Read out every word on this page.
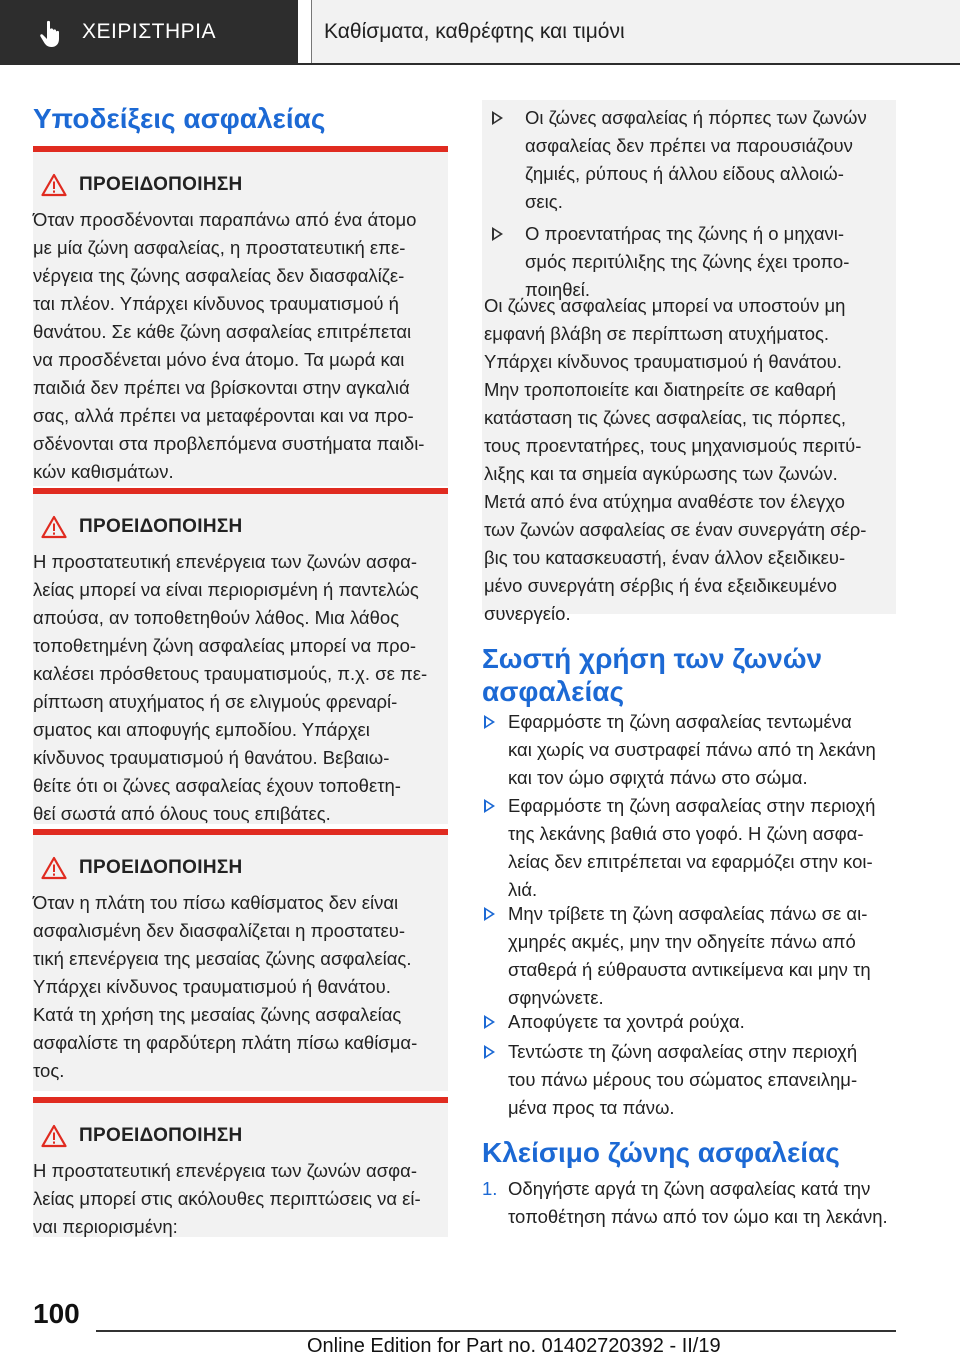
ΧΕΙΡΙΣΤΗΡΙΑ	Καθίσματα, καθρέφτης και τιμόνι
Υποδείξεις ασφαλείας
ΠΡΟΕΙΔΟΠΟΙΗΣΗ
Όταν προσδένονται παραπάνω από ένα άτομο
με μία ζώνη ασφαλείας, η προστατευτική επε-
νέργεια της ζώνης ασφαλείας δεν διασφαλίζε-
ται πλέον. Υπάρχει κίνδυνος τραυματισμού ή
θανάτου. Σε κάθε ζώνη ασφαλείας επιτρέπεται
να προσδένεται μόνο ένα άτομο. Τα μωρά και
παιδιά δεν πρέπει να βρίσκονται στην αγκαλιά
σας, αλλά πρέπει να μεταφέρονται και να προ-
σδένονται στα προβλεπόμενα συστήματα παιδι-
κών καθισμάτων.
ΠΡΟΕΙΔΟΠΟΙΗΣΗ
Η προστατευτική επενέργεια των ζωνών ασφα-
λείας μπορεί να είναι περιορισμένη ή παντελώς
απούσα, αν τοποθετηθούν λάθος. Μια λάθος
τοποθετημένη ζώνη ασφαλείας μπορεί να προ-
καλέσει πρόσθετους τραυματισμούς, π.χ. σε πε-
ρίπτωση ατυχήματος ή σε ελιγμούς φρεναρί-
σματος και αποφυγής εμποδίου. Υπάρχει
κίνδυνος τραυματισμού ή θανάτου. Βεβαιω-
θείτε ότι οι ζώνες ασφαλείας έχουν τοποθετη-
θεί σωστά από όλους τους επιβάτες.
ΠΡΟΕΙΔΟΠΟΙΗΣΗ
Όταν η πλάτη του πίσω καθίσματος δεν είναι
ασφαλισμένη δεν διασφαλίζεται η προστατευ-
τική επενέργεια της μεσαίας ζώνης ασφαλείας.
Υπάρχει κίνδυνος τραυματισμού ή θανάτου.
Κατά τη χρήση της μεσαίας ζώνης ασφαλείας
ασφαλίστε τη φαρδύτερη πλάτη πίσω καθίσμα-
τος.
ΠΡΟΕΙΔΟΠΟΙΗΣΗ
Η προστατευτική επενέργεια των ζωνών ασφα-
λείας μπορεί στις ακόλουθες περιπτώσεις να εί-
ναι περιορισμένη:
Οι ζώνες ασφαλείας ή πόρπες των ζωνών
ασφαλείας δεν πρέπει να παρουσιάζουν
ζημιές, ρύπους ή άλλου είδους αλλοιώ-
σεις.
Ο προεντατήρας της ζώνης ή ο μηχανι-
σμός περιτύλιξης της ζώνης έχει τροπο-
ποιηθεί.
Οι ζώνες ασφαλείας μπορεί να υποστούν μη
εμφανή βλάβη σε περίπτωση ατυχήματος.
Υπάρχει κίνδυνος τραυματισμού ή θανάτου.
Μην τροποποιείτε και διατηρείτε σε καθαρή
κατάσταση τις ζώνες ασφαλείας, τις πόρπες,
τους προεντατήρες, τους μηχανισμούς περιτύ-
λιξης και τα σημεία αγκύρωσης των ζωνών.
Μετά από ένα ατύχημα αναθέστε τον έλεγχο
των ζωνών ασφαλείας σε έναν συνεργάτη σέρ-
βις του κατασκευαστή, έναν άλλον εξειδικευ-
μένο συνεργάτη σέρβις ή ένα εξειδικευμένο
συνεργείο.
Σωστή χρήση των ζωνών
ασφαλείας
Εφαρμόστε τη ζώνη ασφαλείας τεντωμένα
και χωρίς να συστραφεί πάνω από τη λεκάνη
και τον ώμο σφιχτά πάνω στο σώμα.
Εφαρμόστε τη ζώνη ασφαλείας στην περιοχή
της λεκάνης βαθιά στο γοφό. Η ζώνη ασφα-
λείας δεν επιτρέπεται να εφαρμόζει στην κοι-
λιά.
Μην τρίβετε τη ζώνη ασφαλείας πάνω σε αι-
χμηρές ακμές, μην την οδηγείτε πάνω από
σταθερά ή εύθραυστα αντικείμενα και μην τη
σφηνώνετε.
Αποφύγετε τα χοντρά ρούχα.
Τεντώστε τη ζώνη ασφαλείας στην περιοχή
του πάνω μέρους του σώματος επανειλημ-
μένα προς τα πάνω.
Κλείσιμο ζώνης ασφαλείας
1. Οδηγήστε αργά τη ζώνη ασφαλείας κατά την
τοποθέτηση πάνω από τον ώμο και τη λεκάνη.
100
Online Edition for Part no. 01402720392 - II/19
